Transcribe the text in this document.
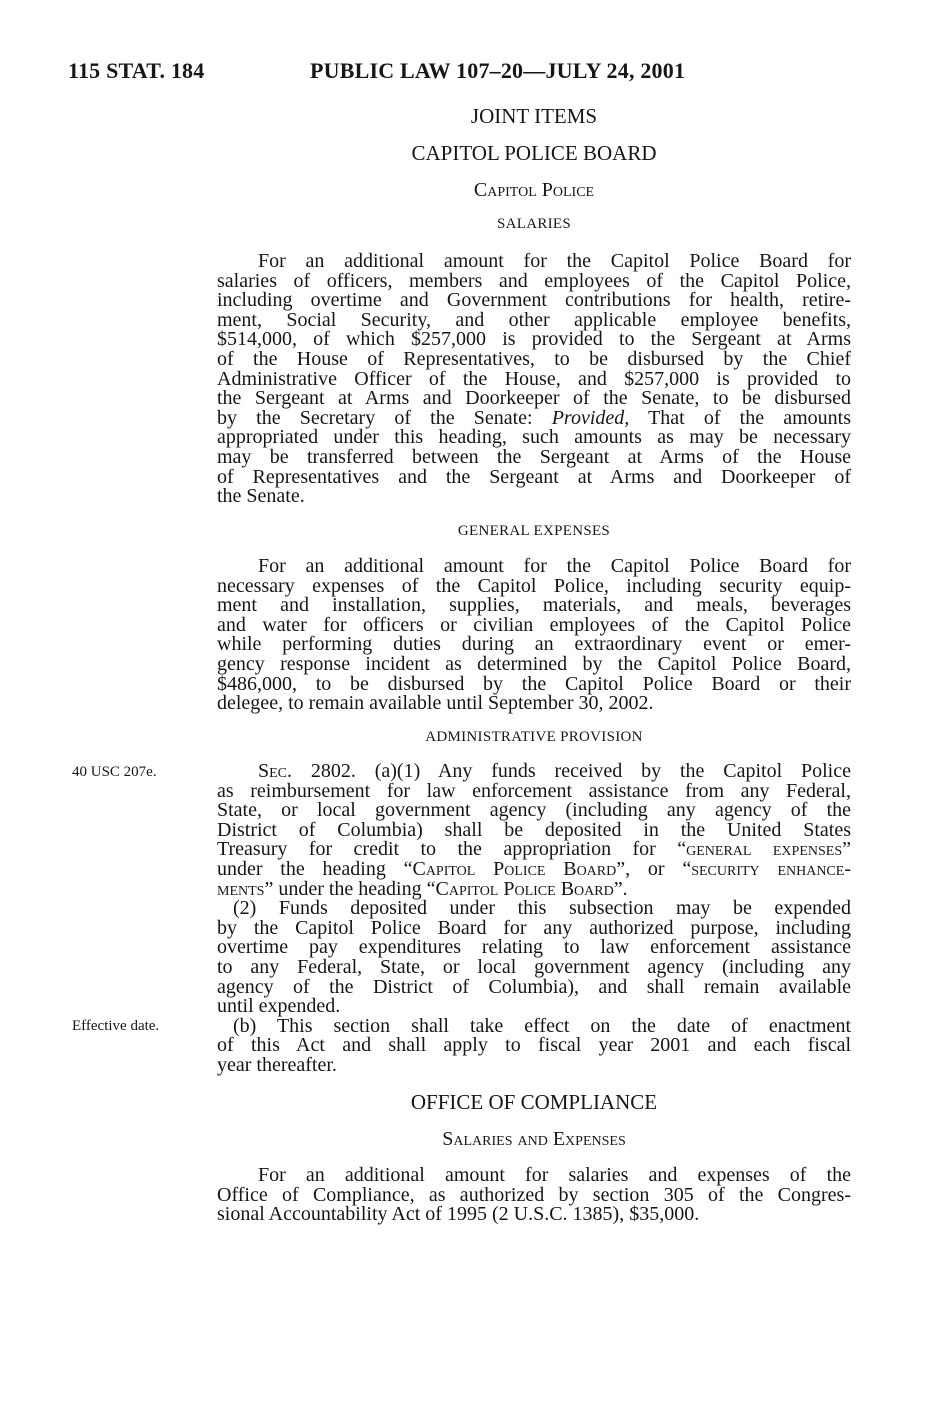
115 STAT. 184	PUBLIC LAW 107–20—JULY 24, 2001
JOINT ITEMS
CAPITOL POLICE BOARD
Capitol Police
SALARIES
For an additional amount for the Capitol Police Board for
salaries of officers, members and employees of the Capitol Police,
including overtime and Government contributions for health, retire-
ment, Social Security, and other applicable employee benefits,
$514,000, of which $257,000 is provided to the Sergeant at Arms
of the House of Representatives, to be disbursed by the Chief
Administrative Officer of the House, and $257,000 is provided to
the Sergeant at Arms and Doorkeeper of the Senate, to be disbursed
by the Secretary of the Senate: Provided, That of the amounts
appropriated under this heading, such amounts as may be necessary
may be transferred between the Sergeant at Arms of the House
of Representatives and the Sergeant at Arms and Doorkeeper of
the Senate.
GENERAL EXPENSES
For an additional amount for the Capitol Police Board for
necessary expenses of the Capitol Police, including security equip-
ment and installation, supplies, materials, and meals, beverages
and water for officers or civilian employees of the Capitol Police
while performing duties during an extraordinary event or emer-
gency response incident as determined by the Capitol Police Board,
$486,000, to be disbursed by the Capitol Police Board or their
delegee, to remain available until September 30, 2002.
ADMINISTRATIVE PROVISION
40 USC 207e.	Sec. 2802. (a)(1) Any funds received by the Capitol Police
as reimbursement for law enforcement assistance from any Federal,
State, or local government agency (including any agency of the
District of Columbia) shall be deposited in the United States
Treasury for credit to the appropriation for “general expenses”
under the heading “Capitol Police Board”, or “security enhance-
ments” under the heading “Capitol Police Board”.
(2) Funds deposited under this subsection may be expended
by the Capitol Police Board for any authorized purpose, including
overtime pay expenditures relating to law enforcement assistance
to any Federal, State, or local government agency (including any
agency of the District of Columbia), and shall remain available
until expended.
(b) This section shall take effect on the date of enactment
of this Act and shall apply to fiscal year 2001 and each fiscal
year thereafter.
Effective date.
OFFICE OF COMPLIANCE
Salaries and Expenses
For an additional amount for salaries and expenses of the
Office of Compliance, as authorized by section 305 of the Congres-
sional Accountability Act of 1995 (2 U.S.C. 1385), $35,000.
